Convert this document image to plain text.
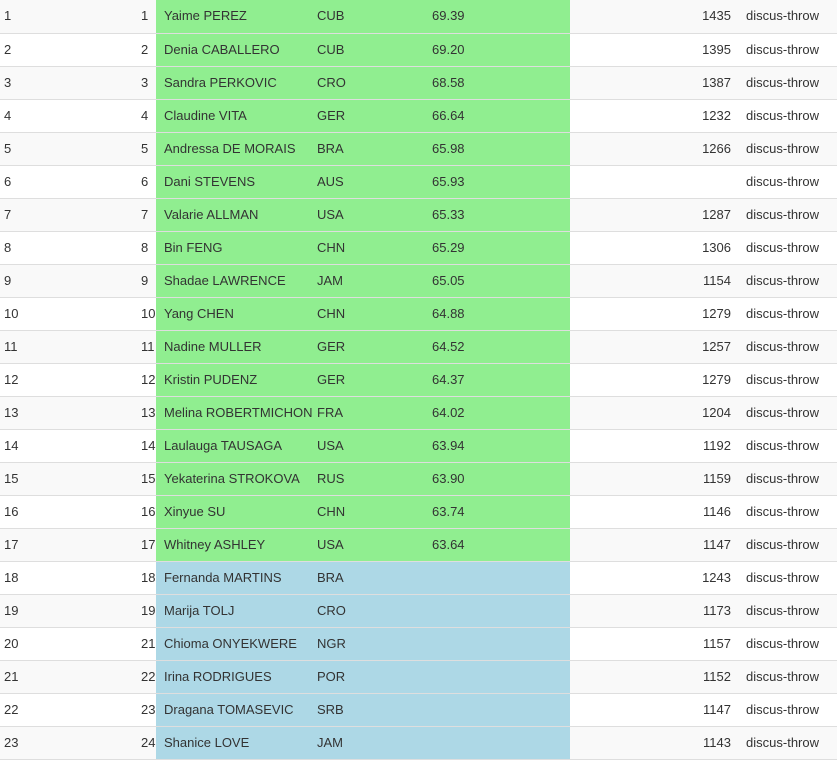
1	1	Yaime PEREZ	CUB	69.39	1435	discus-throw
2	2	Denia CABALLERO	CUB	69.20	1395	discus-throw
3	3	Sandra PERKOVIC	CRO	68.58	1387	discus-throw
4	4	Claudine VITA	GER	66.64	1232	discus-throw
5	5	Andressa DE MORAIS	BRA	65.98	1266	discus-throw
6	6	Dani STEVENS	AUS	65.93		discus-throw
7	7	Valarie ALLMAN	USA	65.33	1287	discus-throw
8	8	Bin FENG	CHN	65.29	1306	discus-throw
9	9	Shadae LAWRENCE	JAM	65.05	1154	discus-throw
10	10	Yang CHEN	CHN	64.88	1279	discus-throw
11	11	Nadine MULLER	GER	64.52	1257	discus-throw
12	12	Kristin PUDENZ	GER	64.37	1279	discus-throw
13	13	Melina ROBERTMICHON	FRA	64.02	1204	discus-throw
14	14	Laulauga TAUSAGA	USA	63.94	1192	discus-throw
15	15	Yekaterina STROKOVA	RUS	63.90	1159	discus-throw
16	16	Xinyue SU	CHN	63.74	1146	discus-throw
17	17	Whitney ASHLEY	USA	63.64	1147	discus-throw
18	18	Fernanda MARTINS	BRA		1243	discus-throw
19	19	Marija TOLJ	CRO		1173	discus-throw
20	21	Chioma ONYEKWERE	NGR		1157	discus-throw
21	22	Irina RODRIGUES	POR		1152	discus-throw
22	23	Dragana TOMASEVIC	SRB		1147	discus-throw
23	24	Shanice LOVE	JAM		1143	discus-throw
